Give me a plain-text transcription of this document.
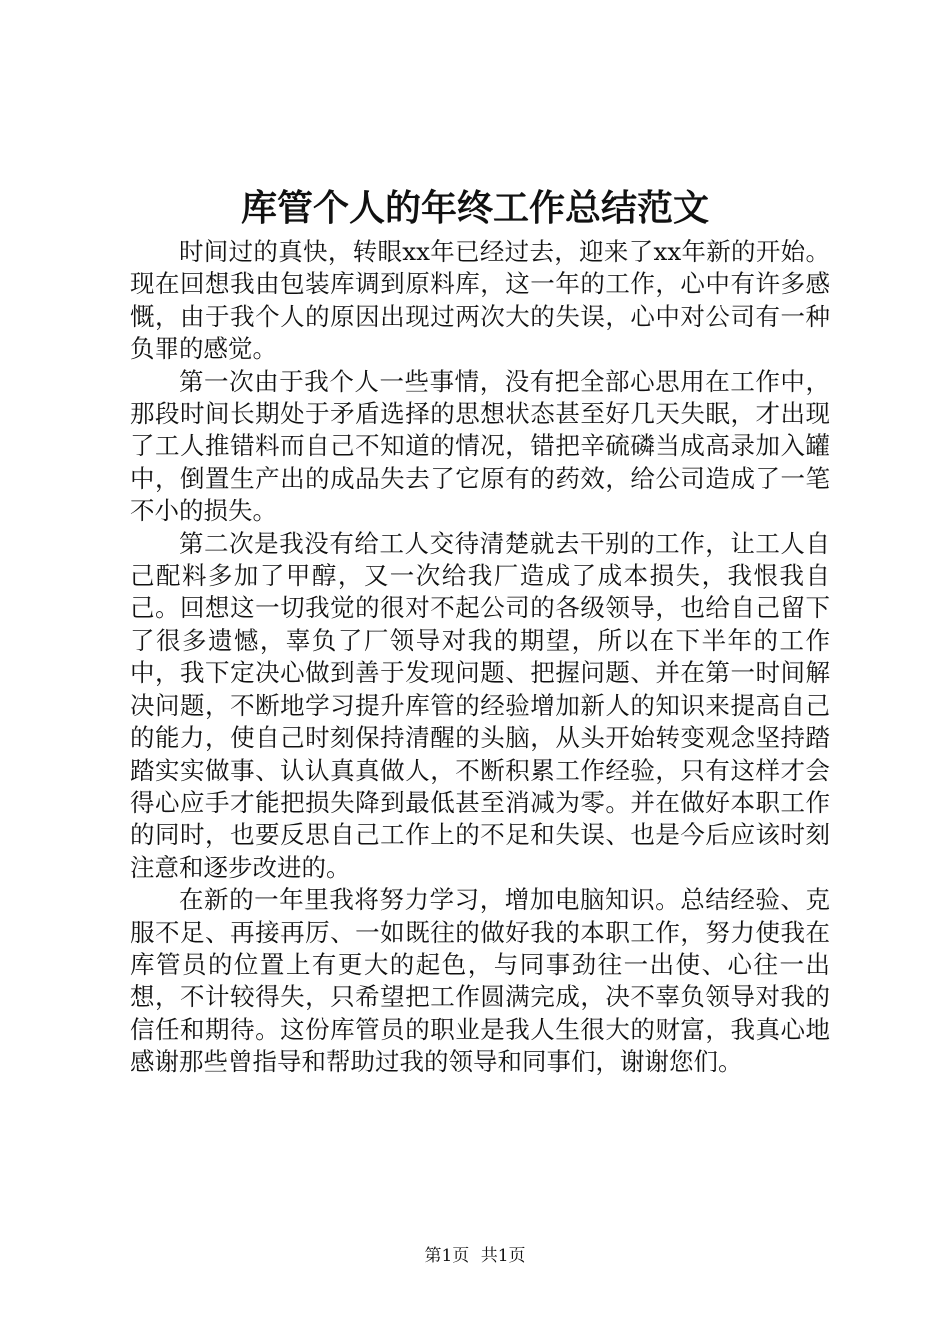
库管个人的年终工作总结范文

时间过的真快，转眼xx年已经过去，迎来了xx年新的开始。现在回想我由包装库调到原料库，这一年的工作，心中有许多感慨，由于我个人的原因出现过两次大的失误，心中对公司有一种负罪的感觉。

第一次由于我个人一些事情，没有把全部心思用在工作中，那段时间长期处于矛盾选择的思想状态甚至好几天失眠，才出现了工人推错料而自己不知道的情况，错把辛硫磷当成高录加入罐中，倒置生产出的成品失去了它原有的药效，给公司造成了一笔不小的损失。

第二次是我没有给工人交待清楚就去干别的工作，让工人自己配料多加了甲醇，又一次给我厂造成了成本损失，我恨我自己。回想这一切我觉的很对不起公司的各级领导，也给自己留下了很多遗憾，辜负了厂领导对我的期望，所以在下半年的工作中，我下定决心做到善于发现问题、把握问题、并在第一时间解决问题，不断地学习提升库管的经验增加新人的知识来提高自己的能力，使自己时刻保持清醒的头脑，从头开始转变观念坚持踏踏实实做事、认认真真做人，不断积累工作经验，只有这样才会得心应手才能把损失降到最低甚至消减为零。并在做好本职工作的同时，也要反思自己工作上的不足和失误、也是今后应该时刻注意和逐步改进的。

在新的一年里我将努力学习，增加电脑知识。总结经验、克服不足、再接再厉、一如既往的做好我的本职工作，努力使我在库管员的位置上有更大的起色，与同事劲往一出使、心往一出想，不计较得失，只希望把工作圆满完成，决不辜负领导对我的信任和期待。这份库管员的职业是我人生很大的财富，我真心地感谢那些曾指导和帮助过我的领导和同事们，谢谢您们。

第1页 共1页
